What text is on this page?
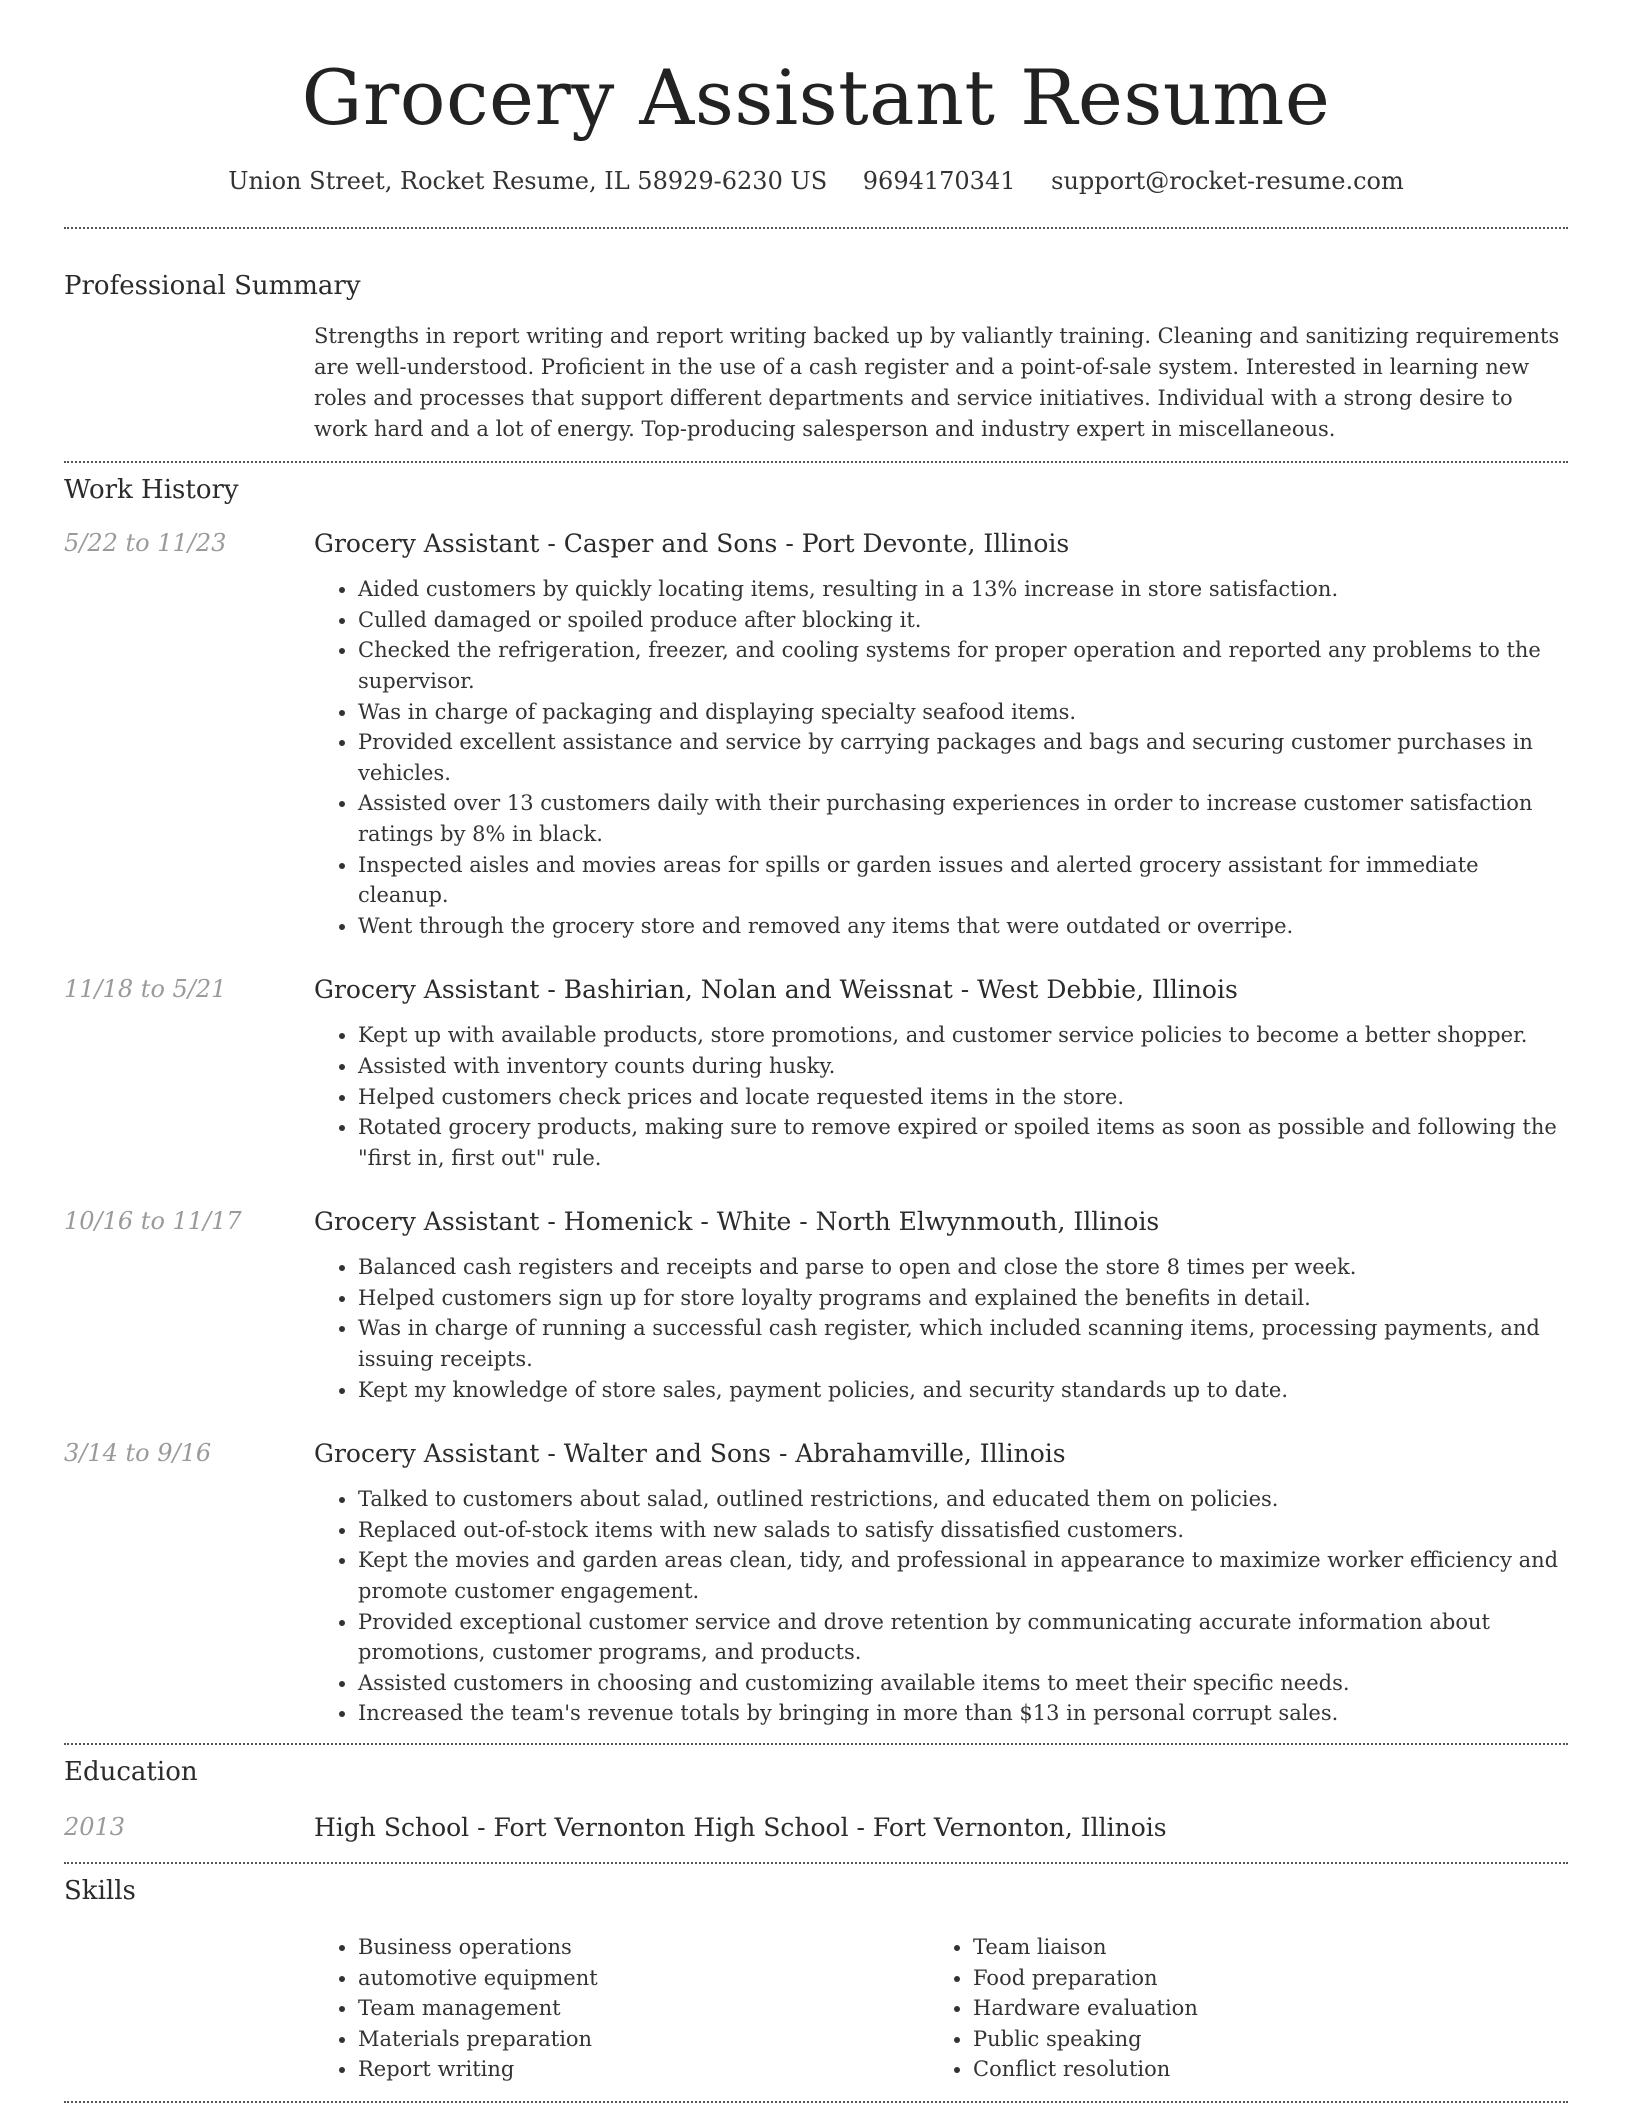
Grocery Assistant Resume
Union Street, Rocket Resume, IL 58929-6230 US 9694170341 support@rocket-resume.com
Professional Summary

Strengths in report writing and report writing backed up by valiantly training. Cleaning and sanitizing requirements are well-understood. Proficient in the use of a cash register and a point-of-sale system. Interested in learning new roles and processes that support different departments and service initiatives. Individual with a strong desire to work hard and a lot of energy. Top-producing salesperson and industry expert in miscellaneous.

Work History
5/22 to 11/23	Grocery Assistant - Casper and Sons - Port Devonte, Illinois
• Aided customers by quickly locating items, resulting in a 13% increase in store satisfaction.
• Culled damaged or spoiled produce after blocking it.
• Checked the refrigeration, freezer, and cooling systems for proper operation and reported any problems to the supervisor.
• Was in charge of packaging and displaying specialty seafood items.
• Provided excellent assistance and service by carrying packages and bags and securing customer purchases in vehicles.
• Assisted over 13 customers daily with their purchasing experiences in order to increase customer satisfaction ratings by 8% in black.
• Inspected aisles and movies areas for spills or garden issues and alerted grocery assistant for immediate cleanup.
• Went through the grocery store and removed any items that were outdated or overripe.
11/18 to 5/21	Grocery Assistant - Bashirian, Nolan and Weissnat - West Debbie, Illinois
• Kept up with available products, store promotions, and customer service policies to become a better shopper.
• Assisted with inventory counts during husky.
• Helped customers check prices and locate requested items in the store.
• Rotated grocery products, making sure to remove expired or spoiled items as soon as possible and following the "first in, first out" rule.
10/16 to 11/17	Grocery Assistant - Homenick - White - North Elwynmouth, Illinois
• Balanced cash registers and receipts and parse to open and close the store 8 times per week.
• Helped customers sign up for store loyalty programs and explained the benefits in detail.
• Was in charge of running a successful cash register, which included scanning items, processing payments, and issuing receipts.
• Kept my knowledge of store sales, payment policies, and security standards up to date.
3/14 to 9/16	Grocery Assistant - Walter and Sons - Abrahamville, Illinois
• Talked to customers about salad, outlined restrictions, and educated them on policies.
• Replaced out-of-stock items with new salads to satisfy dissatisfied customers.
• Kept the movies and garden areas clean, tidy, and professional in appearance to maximize worker efficiency and promote customer engagement.
• Provided exceptional customer service and drove retention by communicating accurate information about promotions, customer programs, and products.
• Assisted customers in choosing and customizing available items to meet their specific needs.
• Increased the team's revenue totals by bringing in more than $13 in personal corrupt sales.
Education
2013	High School - Fort Vernonton High School - Fort Vernonton, Illinois
Skills
• Business operations
• automotive equipment
• Team management
• Materials preparation
• Report writing
• Team liaison
• Food preparation
• Hardware evaluation
• Public speaking
• Conflict resolution
